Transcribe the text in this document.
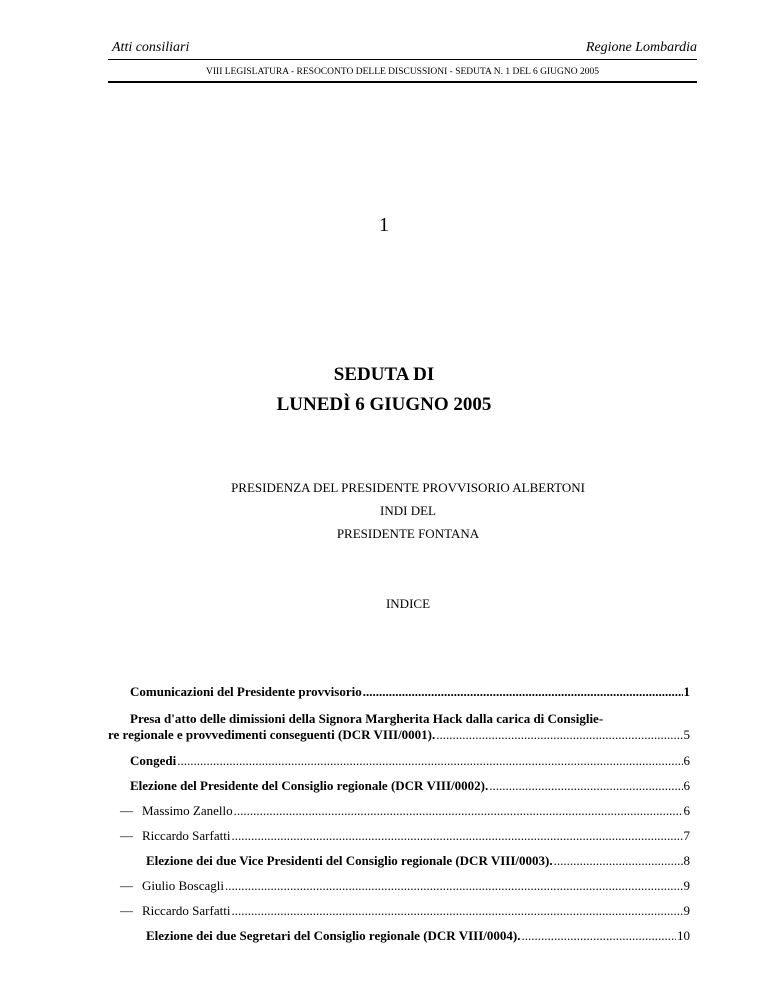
Atti consiliari	Regione Lombardia
VIII LEGISLATURA - RESOCONTO DELLE DISCUSSIONI - SEDUTA N. 1 DEL 6 GIUGNO 2005
1
SEDUTA DI
LUNEDÌ 6 GIUGNO 2005
PRESIDENZA DEL PRESIDENTE PROVVISORIO ALBERTONI
INDI DEL
PRESIDENTE FONTANA
INDICE
Comunicazioni del Presidente provvisorio .....	1
Presa d'atto delle dimissioni della Signora Margherita Hack dalla carica di Consiglie-
re regionale e provvedimenti conseguenti (DCR VIII/0001). .....	5
Congedi .....	6
Elezione del Presidente del Consiglio regionale (DCR VIII/0002). .....	6
— Massimo Zanello .....	6
— Riccardo Sarfatti .....	7
Elezione dei due Vice Presidenti del Consiglio regionale (DCR VIII/0003). .....	8
— Giulio Boscagli .....	9
— Riccardo Sarfatti .....	9
Elezione dei due Segretari del Consiglio regionale (DCR VIII/0004). .....	10
